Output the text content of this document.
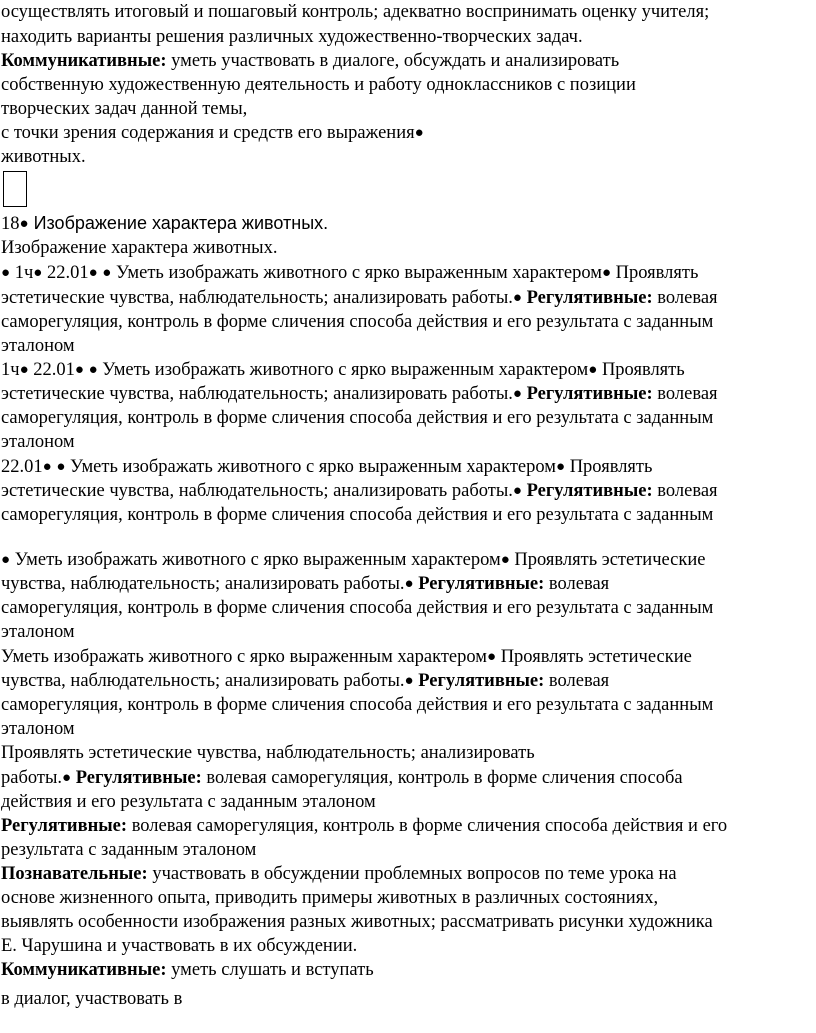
осуществлять итоговый и пошаговый контроль; адекватно воспринимать оценку учителя;
находить варианты решения различных художественно-творческих задач.
Коммуникативные: уметь участвовать в диалоге, обсуждать и анализировать
собственную художественную деятельность и работу одноклассников с позиции
творческих задач данной темы,
с точки зрения содержания и средств его выражения●
животных.
18● Изображение характера животных.
Изображение характера животных.
● 1ч● 22.01● ● Уметь изображать животного с ярко выраженным характером● Проявлять
эстетические чувства, наблюдательность; анализировать работы.● Регулятивные: волевая
саморегуляция, контроль в форме сличения способа действия и его результата с заданным
эталоном
1ч● 22.01● ● Уметь изображать животного с ярко выраженным характером● Проявлять
эстетические чувства, наблюдательность; анализировать работы.● Регулятивные: волевая
саморегуляция, контроль в форме сличения способа действия и его результата с заданным
эталоном
22.01● ● Уметь изображать животного с ярко выраженным характером● Проявлять
эстетические чувства, наблюдательность; анализировать работы.● Регулятивные: волевая
саморегуляция, контроль в форме сличения способа действия и его результата с заданным
● Уметь изображать животного с ярко выраженным характером● Проявлять эстетические
чувства, наблюдательность; анализировать работы.● Регулятивные: волевая
саморегуляция, контроль в форме сличения способа действия и его результата с заданным
эталоном
Уметь изображать животного с ярко выраженным характером● Проявлять эстетические
чувства, наблюдательность; анализировать работы.● Регулятивные: волевая
саморегуляция, контроль в форме сличения способа действия и его результата с заданным
эталоном
Проявлять эстетические чувства, наблюдательность; анализировать
работы.● Регулятивные: волевая саморегуляция, контроль в форме сличения способа
действия и его результата с заданным эталоном
Регулятивные: волевая саморегуляция, контроль в форме сличения способа действия и его
результата с заданным эталоном
Познавательные: участвовать в обсуждении проблемных вопросов по теме урока на
основе жизненного опыта, приводить примеры животных в различных состояниях,
выявлять особенности изображения разных животных; рассматривать рисунки художника
Е. Чарушина и участвовать в их обсуждении.
Коммуникативные: уметь слушать и вступать
в диалог, участвовать в
